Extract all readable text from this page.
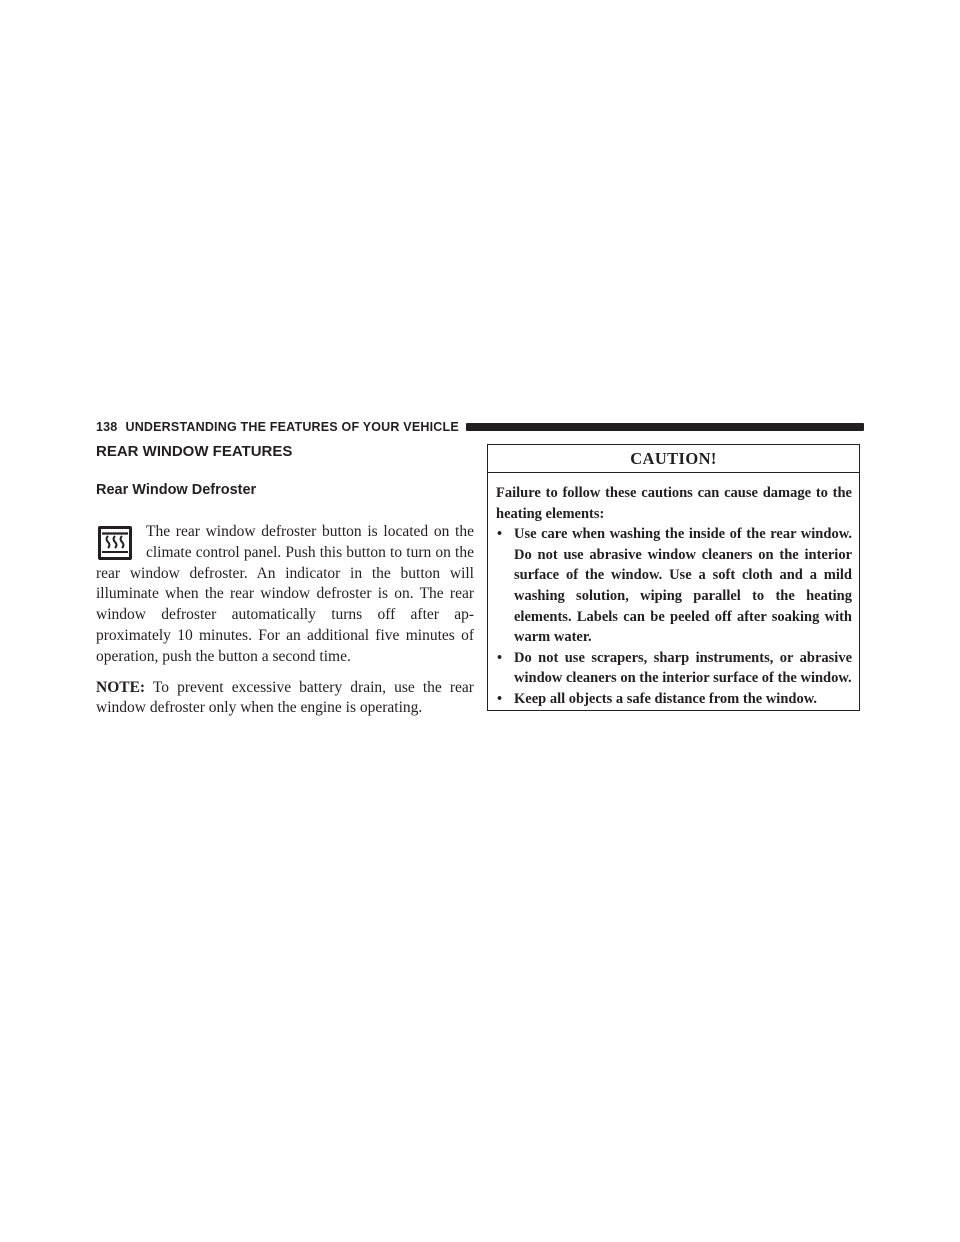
138 UNDERSTANDING THE FEATURES OF YOUR VEHICLE
REAR WINDOW FEATURES
Rear Window Defroster

The rear window defroster button is located on the climate control panel. Push this button to turn on the rear window defroster. An indicator in the button will illuminate when the rear window defroster is on. The rear window defroster automatically turns off after ap-proximately 10 minutes. For an additional five minutes of operation, push the button a second time.

NOTE: To prevent excessive battery drain, use the rear window defroster only when the engine is operating.

CAUTION!

Failure to follow these cautions can cause damage to the heating elements:

• Use care when washing the inside of the rear window. Do not use abrasive window cleaners on the interior surface of the window. Use a soft cloth and a mild washing solution, wiping parallel to the heating elements. Labels can be peeled off after soaking with warm water.
• Do not use scrapers, sharp instruments, or abrasive window cleaners on the interior surface of the window.
• Keep all objects a safe distance from the window.
